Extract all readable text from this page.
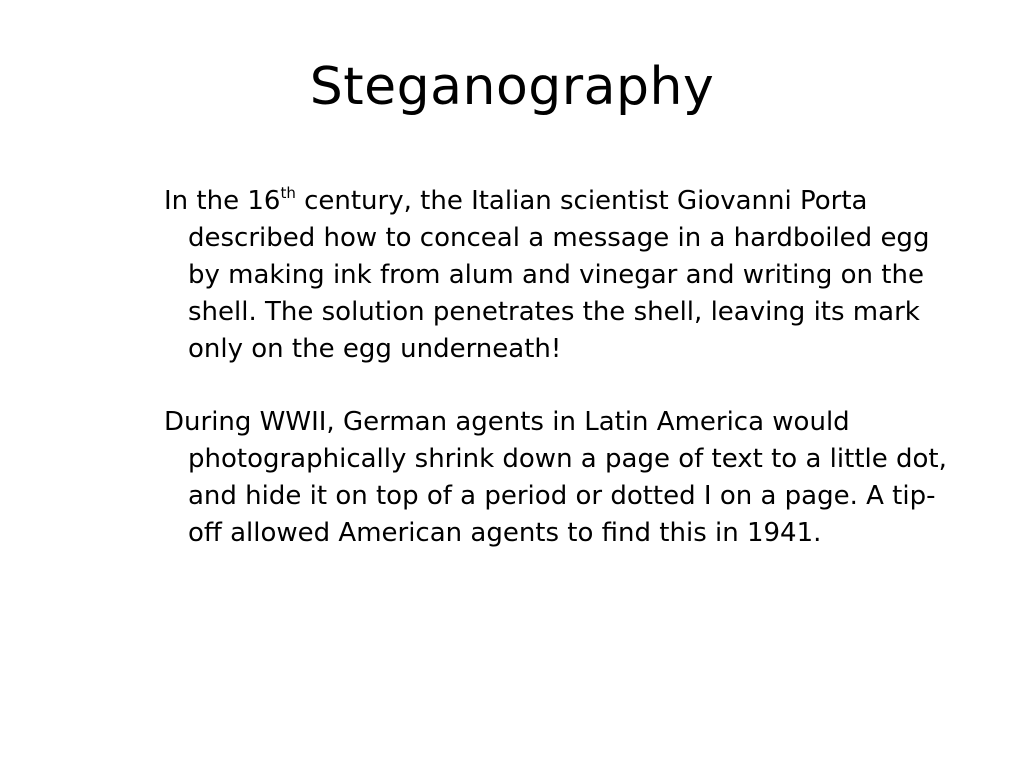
Steganography

In the 16th century, the Italian scientist Giovanni Porta described how to conceal a message in a hardboiled egg by making ink from alum and vinegar and writing on the shell. The solution penetrates the shell, leaving its mark only on the egg underneath!

During WWII, German agents in Latin America would photographically shrink down a page of text to a little dot, and hide it on top of a period or dotted I on a page. A tip-off allowed American agents to find this in 1941.
